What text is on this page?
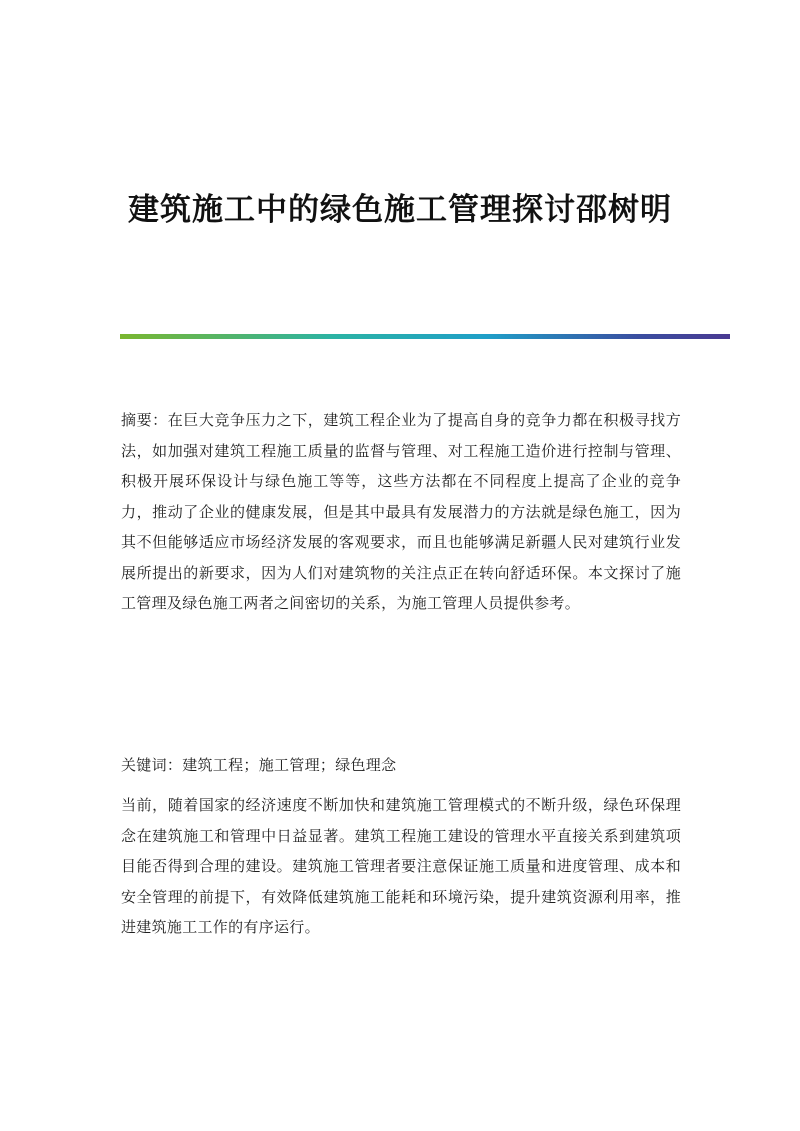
建筑施工中的绿色施工管理探讨邵树明
摘要：在巨大竞争压力之下，建筑工程企业为了提高自身的竞争力都在积极寻找方法，如加强对建筑工程施工质量的监督与管理、对工程施工造价进行控制与管理、积极开展环保设计与绿色施工等等，这些方法都在不同程度上提高了企业的竞争力，推动了企业的健康发展，但是其中最具有发展潜力的方法就是绿色施工，因为其不但能够适应市场经济发展的客观要求，而且也能够满足新疆人民对建筑行业发展所提出的新要求，因为人们对建筑物的关注点正在转向舒适环保。本文探讨了施工管理及绿色施工两者之间密切的关系，为施工管理人员提供参考。
关键词：建筑工程；施工管理；绿色理念
当前，随着国家的经济速度不断加快和建筑施工管理模式的不断升级，绿色环保理念在建筑施工和管理中日益显著。建筑工程施工建设的管理水平直接关系到建筑项目能否得到合理的建设。建筑施工管理者要注意保证施工质量和进度管理、成本和安全管理的前提下，有效降低建筑施工能耗和环境污染，提升建筑资源利用率，推进建筑施工工作的有序运行。
